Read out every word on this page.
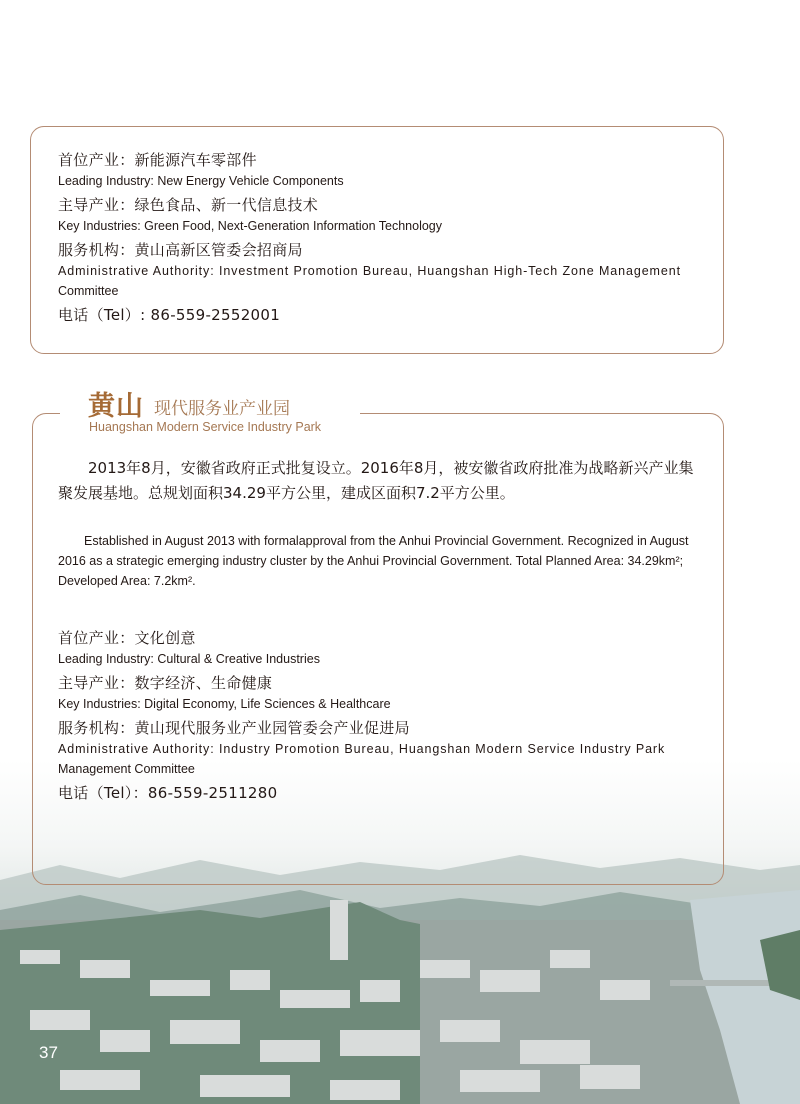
首位产业：新能源汽车零部件
Leading Industry: New Energy Vehicle Components
主导产业：绿色食品、新一代信息技术
Key Industries: Green Food, Next-Generation Information Technology
服务机构：黄山高新区管委会招商局
Administrative Authority: Investment Promotion Bureau, Huangshan High-Tech Zone Management
Committee
电话（Tel）: 86-559-2552001
黄山 现代服务业产业园
Huangshan Modern Service Industry Park
2013年8月，安徽省政府正式批复设立。2016年8月，被安徽省政府批准为战略新兴产业集聚发展基地。总规划面积34.29平方公里，建成区面积7.2平方公里。
Established in August 2013 with formalapproval from the Anhui Provincial Government. Recognized in August 2016 as a strategic emerging industry cluster by the Anhui Provincial Government. Total Planned Area: 34.29km²; Developed Area: 7.2km².
首位产业：文化创意
Leading Industry: Cultural & Creative Industries
主导产业：数字经济、生命健康
Key Industries: Digital Economy, Life Sciences & Healthcare
服务机构：黄山现代服务业产业园管委会产业促进局
Administrative Authority: Industry Promotion Bureau, Huangshan Modern Service Industry Park
Management Committee
电话（Tel）：86-559-2511280
37
